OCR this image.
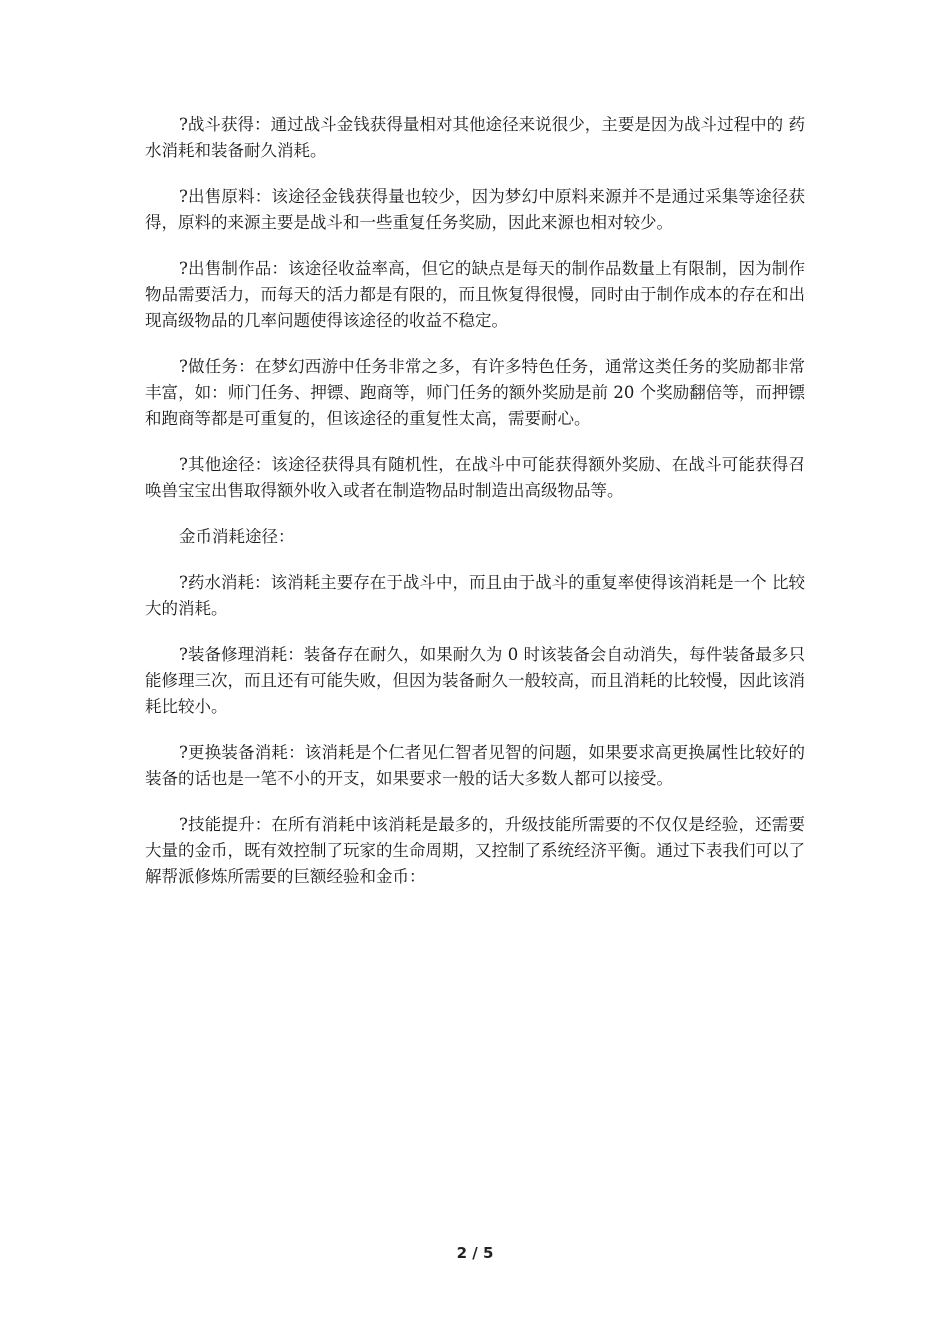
?战斗获得：通过战斗金钱获得量相对其他途径来说很少，主要是因为战斗过程中的 药水消耗和装备耐久消耗。

?出售原料：该途径金钱获得量也较少，因为梦幻中原料来源并不是通过采集等途径获得，原料的来源主要是战斗和一些重复任务奖励，因此来源也相对较少。

?出售制作品：该途径收益率高，但它的缺点是每天的制作品数量上有限制，因为制作物品需要活力，而每天的活力都是有限的，而且恢复得很慢，同时由于制作成本的存在和出现高级物品的几率问题使得该途径的收益不稳定。

?做任务：在梦幻西游中任务非常之多，有许多特色任务，通常这类任务的奖励都非常丰富，如：师门任务、押镖、跑商等，师门任务的额外奖励是前 20 个奖励翻倍等，而押镖和跑商等都是可重复的，但该途径的重复性太高，需要耐心。

?其他途径：该途径获得具有随机性，在战斗中可能获得额外奖励、在战斗可能获得召唤兽宝宝出售取得额外收入或者在制造物品时制造出高级物品等。

金币消耗途径：

?药水消耗：该消耗主要存在于战斗中，而且由于战斗的重复率使得该消耗是一个 比较大的消耗。

?装备修理消耗：装备存在耐久，如果耐久为 0 时该装备会自动消失，每件装备最多只能修理三次，而且还有可能失败，但因为装备耐久一般较高，而且消耗的比较慢，因此该消耗比较小。

?更换装备消耗：该消耗是个仁者见仁智者见智的问题，如果要求高更换属性比较好的装备的话也是一笔不小的开支，如果要求一般的话大多数人都可以接受。

?技能提升：在所有消耗中该消耗是最多的，升级技能所需要的不仅仅是经验，还需要大量的金币，既有效控制了玩家的生命周期，又控制了系统经济平衡。通过下表我们可以了解帮派修炼所需要的巨额经验和金币：

2 / 5
